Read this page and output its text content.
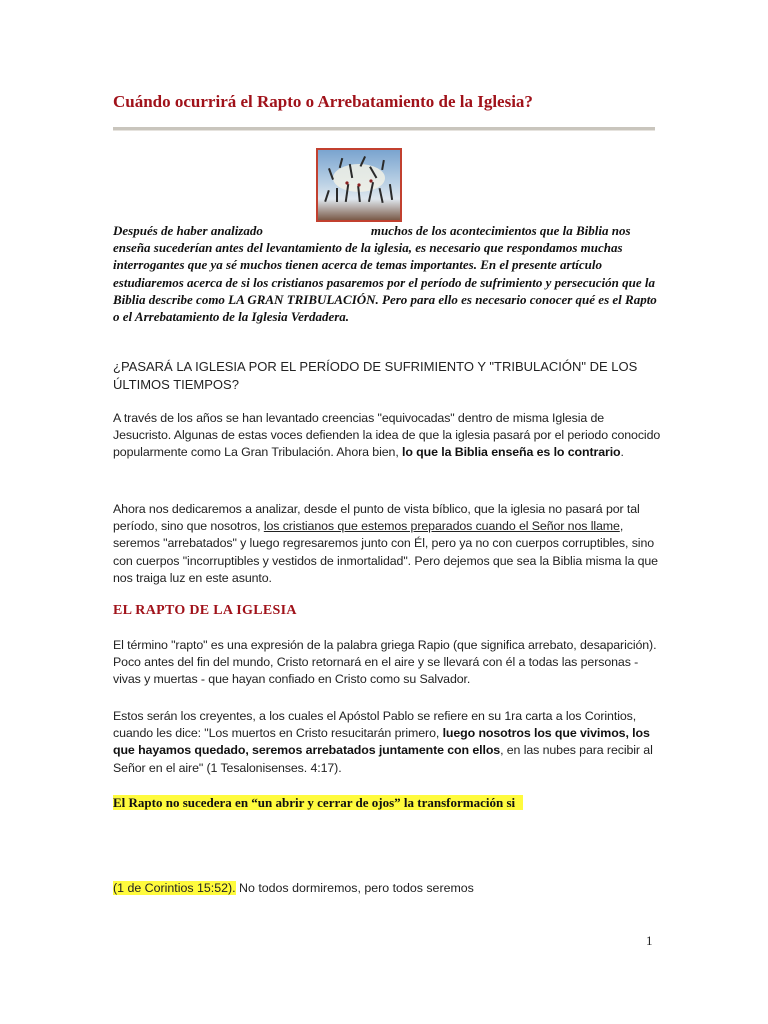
Cuándo ocurrirá el Rapto o Arrebatamiento de la Iglesia?

Después de haber analizado	muchos de los acontecimientos que la Biblia nos enseña sucederían antes del levantamiento de la iglesia, es necesario que respondamos muchas interrogantes que ya sé muchos tienen acerca de temas importantes. En el presente artículo estudiaremos acerca de si los cristianos pasaremos por el período de sufrimiento y persecución que la Biblia describe como LA GRAN TRIBULACIÓN. Pero para ello es necesario conocer qué es el Rapto o el Arrebatamiento de la Iglesia Verdadera.

¿PASARÁ LA IGLESIA POR EL PERÍODO DE SUFRIMIENTO Y "TRIBULACIÓN" DE LOS ÚLTIMOS TIEMPOS?

A través de los años se han levantado creencias "equivocadas" dentro de misma Iglesia de Jesucristo. Algunas de estas voces defienden la idea de que la iglesia pasará por el periodo conocido popularmente como La Gran Tribulación. Ahora bien, lo que la Biblia enseña es lo contrario.

Ahora nos dedicaremos a analizar, desde el punto de vista bíblico, que la iglesia no pasará por tal período, sino que nosotros, los cristianos que estemos preparados cuando el Señor nos llame, seremos "arrebatados" y luego regresaremos junto con Él, pero ya no con cuerpos corruptibles, sino con cuerpos "incorruptibles y vestidos de inmortalidad". Pero dejemos que sea la Biblia misma la que nos traiga luz en este asunto.

EL RAPTO DE LA IGLESIA

El término "rapto" es una expresión de la palabra griega Rapio (que significa arrebato, desaparición). Poco antes del fin del mundo, Cristo retornará en el aire y se llevará con él a todas las personas - vivas y muertas - que hayan confiado en Cristo como su Salvador.

Estos serán los creyentes, a los cuales el Apóstol Pablo se refiere en su 1ra carta a los Corintios, cuando les dice: "Los muertos en Cristo resucitarán primero, luego nosotros los que vivimos, los que hayamos quedado, seremos arrebatados juntamente con ellos, en las nubes para recibir al Señor en el aire" (1 Tesalonisenses. 4:17).

El Rapto no sucedera en “un abrir y cerrar de ojos” la transformación si

(1 de Corintios 15:52). No todos dormiremos, pero todos seremos

1
